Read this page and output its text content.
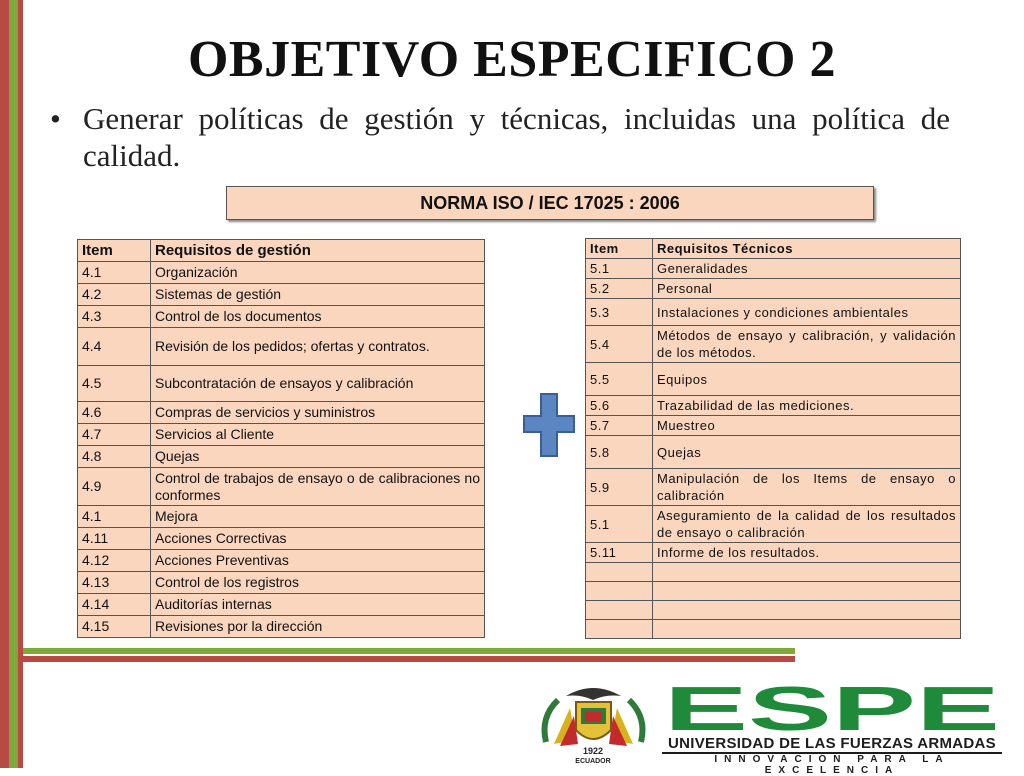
OBJETIVO ESPECIFICO 2
• Generar políticas de gestión y técnicas, incluidas una política de calidad.
NORMA ISO / IEC 17025 : 2006
Item	Requisitos de gestión
4.1	Organización
4.2	Sistemas de gestión
4.3	Control de los documentos
4.4	Revisión de los pedidos; ofertas y contratos.
4.5	Subcontratación de ensayos y calibración
4.6	Compras de servicios y suministros
4.7	Servicios al Cliente
4.8	Quejas
4.9	Control de trabajos de ensayo o de calibraciones no conformes
4.1	Mejora
4.11	Acciones Correctivas
4.12	Acciones Preventivas
4.13	Control de los registros
4.14	Auditorías internas
4.15	Revisiones por la dirección
Item	Requisitos Técnicos
5.1	Generalidades
5.2	Personal
5.3	Instalaciones y condiciones ambientales
5.4	Métodos de ensayo y calibración, y validación de los métodos.
5.5	Equipos
5.6	Trazabilidad de las mediciones.
5.7	Muestreo
5.8	Quejas
5.9	Manipulación de los Items de ensayo o calibración
5.1	Aseguramiento de la calidad de los resultados de ensayo o calibración
5.11	Informe de los resultados.

1922
ECUADOR
ESPE
UNIVERSIDAD DE LAS FUERZAS ARMADAS
INNOVACIÓN PARA LA EXCELENCIA
